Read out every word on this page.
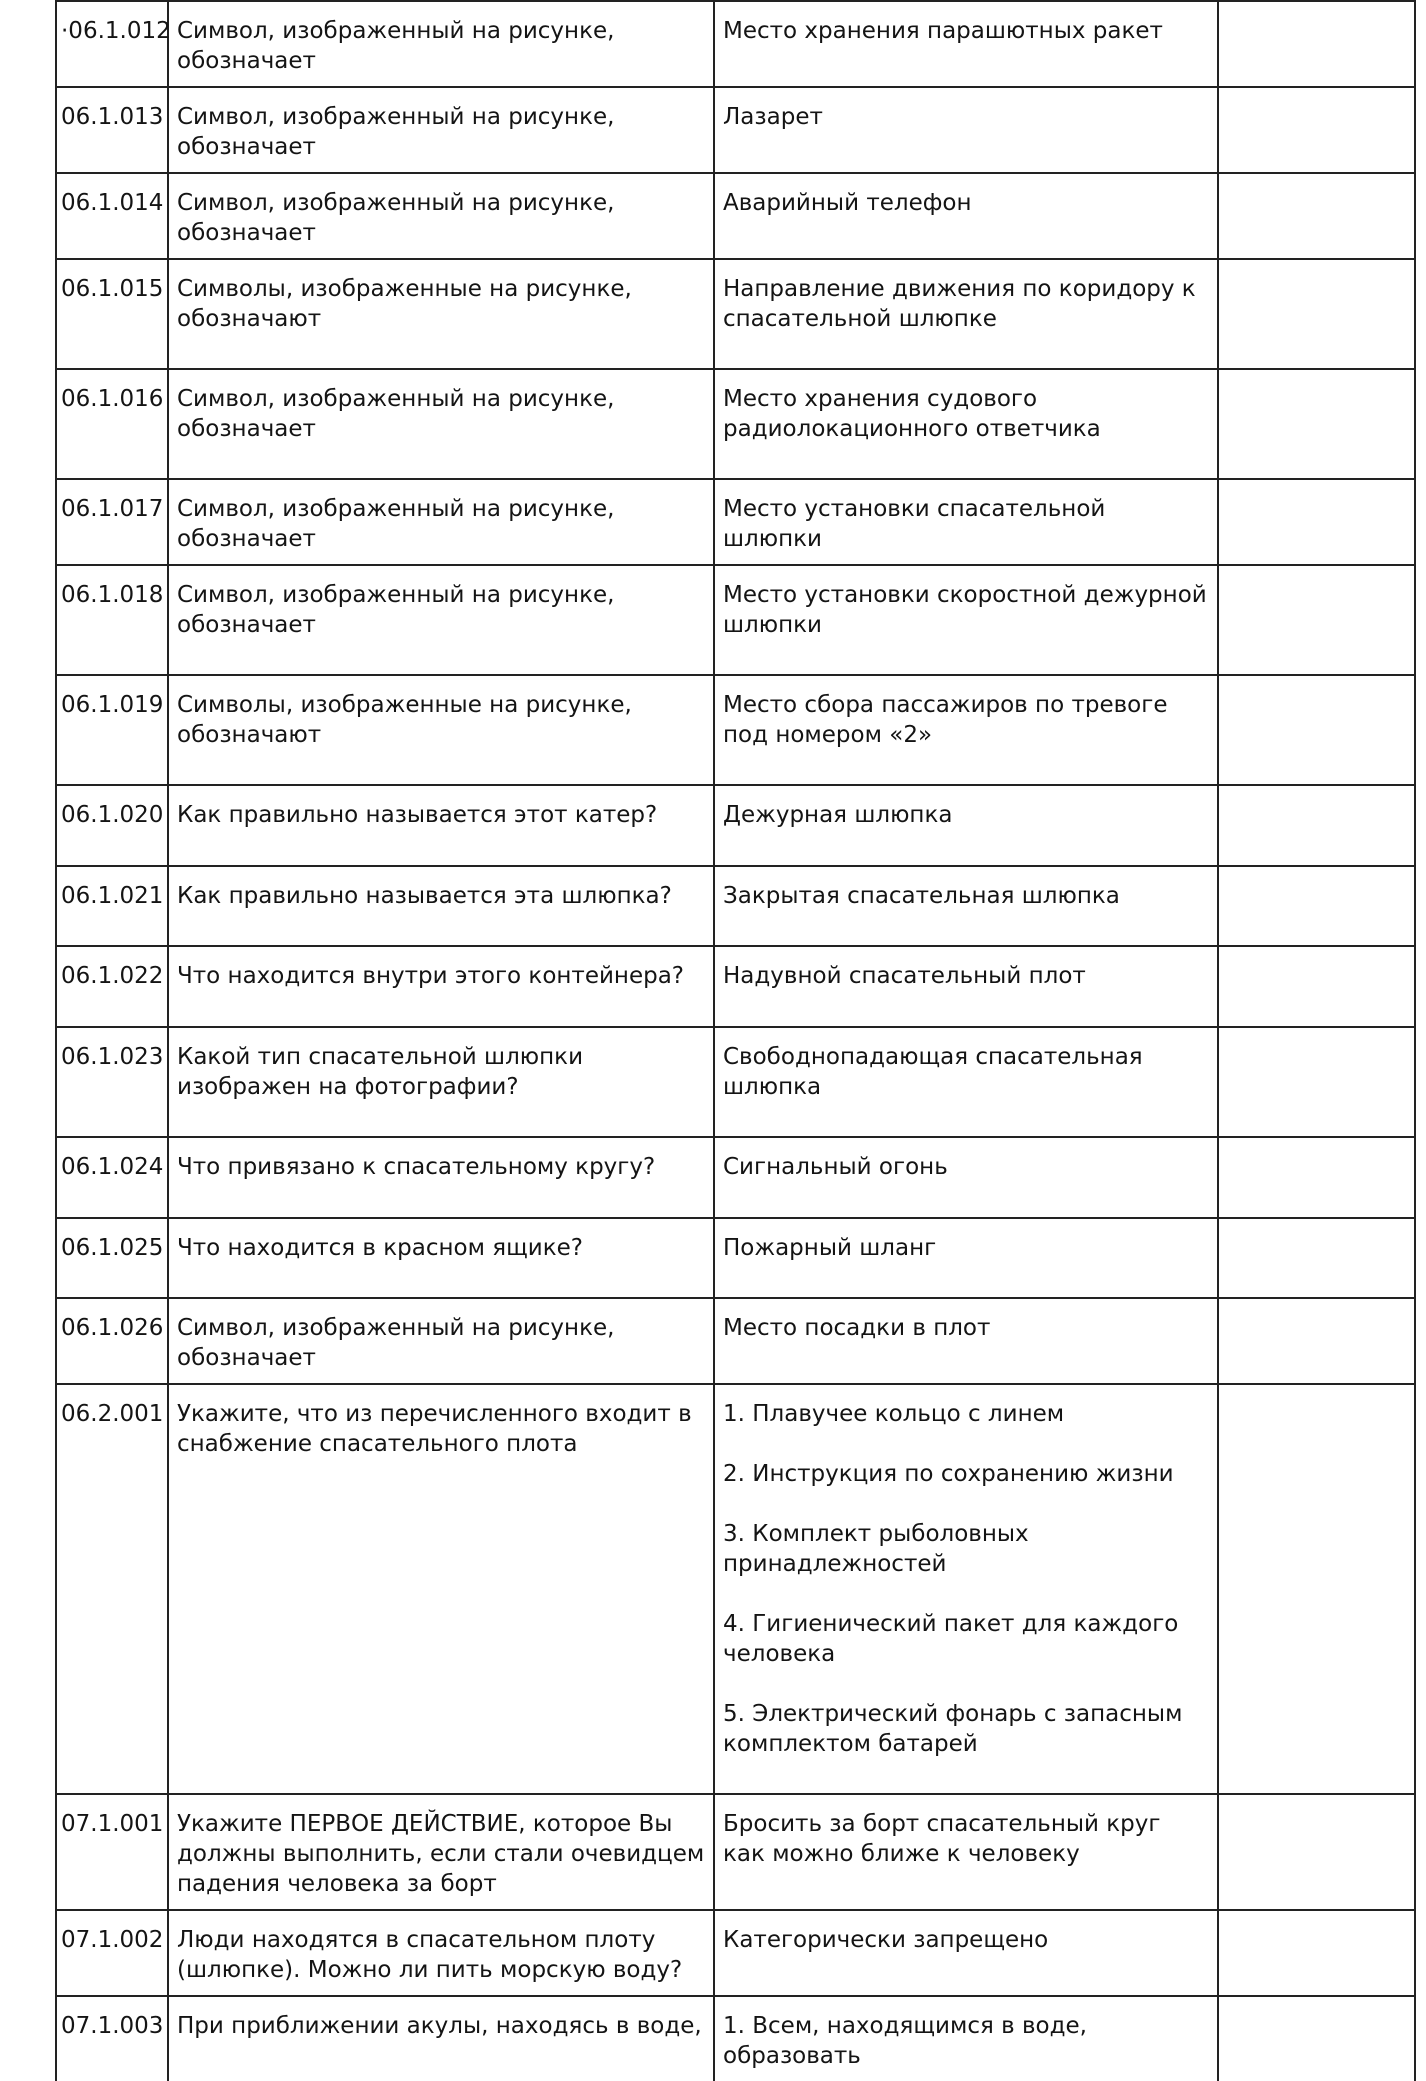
·06.1.012	Символ, изображенный на рисунке, обозначает	Место хранения парашютных ракет	
06.1.013	Символ, изображенный на рисунке, обозначает	Лазарет	
06.1.014	Символ, изображенный на рисунке, обозначает	Аварийный телефон	
06.1.015	Символы, изображенные на рисунке, обозначают	Направление движения по коридору к спасательной шлюпке	
06.1.016	Символ, изображенный на рисунке, обозначает	Место хранения судового радиолокационного ответчика	
06.1.017	Символ, изображенный на рисунке, обозначает	Место установки спасательной шлюпки	
06.1.018	Символ, изображенный на рисунке, обозначает	Место установки скоростной дежурной шлюпки	
06.1.019	Символы, изображенные на рисунке, обозначают	Место сбора пассажиров по тревоге под номером «2»	
06.1.020	Как правильно называется этот катер?	Дежурная шлюпка	
06.1.021	Как правильно называется эта шлюпка?	Закрытая спасательная шлюпка	
06.1.022	Что находится внутри этого контейнера?	Надувной спасательный плот	
06.1.023	Какой тип спасательной шлюпки изображен на фотографии?	Свободнопадающая спасательная шлюпка	
06.1.024	Что привязано к спасательному кругу?	Сигнальный огонь	
06.1.025	Что находится в красном ящике?	Пожарный шланг	
06.1.026	Символ, изображенный на рисунке, обозначает	Место посадки в плот	
06.2.001	Укажите, что из перечисленного входит в снабжение спасательного плота	1. Плавучее кольцо с линем
2. Инструкция по сохранению жизни
3. Комплект рыболовных принадлежностей
4. Гигиенический пакет для каждого человека
5. Электрический фонарь с запасным комплектом батарей	

07.1.001	Укажите ПЕРВОЕ ДЕЙСТВИЕ, которое Вы должны выполнить, если стали очевидцем падения человека за борт	Бросить за борт спасательный круг как можно ближе к человеку	
07.1.002	Люди находятся в спасательном плоту (шлюпке). Можно ли пить морскую воду?	Категорически запрещено	
07.1.003	При приближении акулы, находясь в воде,	1. Всем, находящимся в воде, образовать	
